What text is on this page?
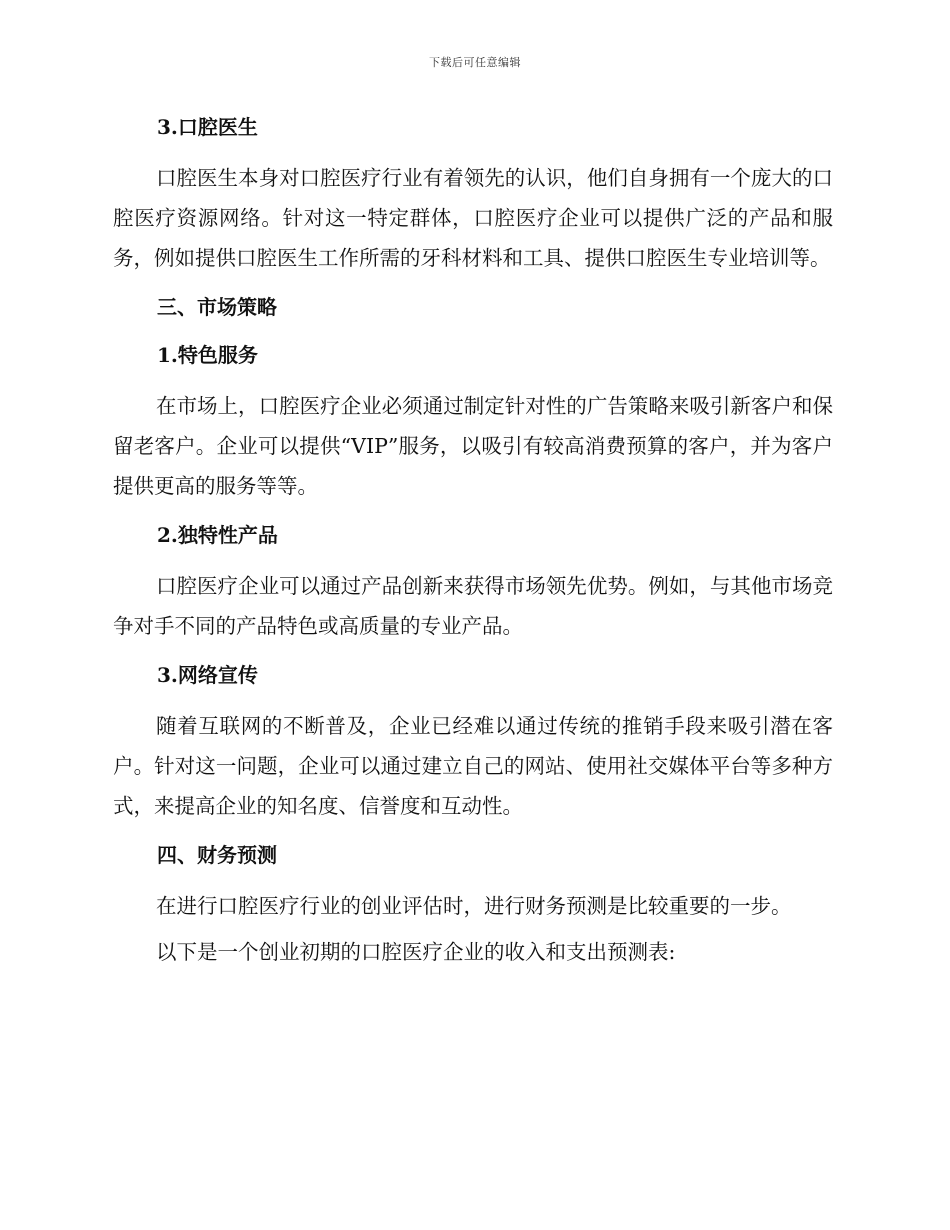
下载后可任意编辑
3.口腔医生
口腔医生本身对口腔医疗行业有着领先的认识，他们自身拥有一个庞大的口腔医疗资源网络。针对这一特定群体，口腔医疗企业可以提供广泛的产品和服务，例如提供口腔医生工作所需的牙科材料和工具、提供口腔医生专业培训等。
三、市场策略
1.特色服务
在市场上，口腔医疗企业必须通过制定针对性的广告策略来吸引新客户和保留老客户。企业可以提供“VIP”服务，以吸引有较高消费预算的客户，并为客户提供更高的服务等等。
2.独特性产品
口腔医疗企业可以通过产品创新来获得市场领先优势。例如，与其他市场竞争对手不同的产品特色或高质量的专业产品。
3.网络宣传
随着互联网的不断普及，企业已经难以通过传统的推销手段来吸引潜在客户。针对这一问题，企业可以通过建立自己的网站、使用社交媒体平台等多种方式，来提高企业的知名度、信誉度和互动性。
四、财务预测
在进行口腔医疗行业的创业评估时，进行财务预测是比较重要的一步。
以下是一个创业初期的口腔医疗企业的收入和支出预测表:
